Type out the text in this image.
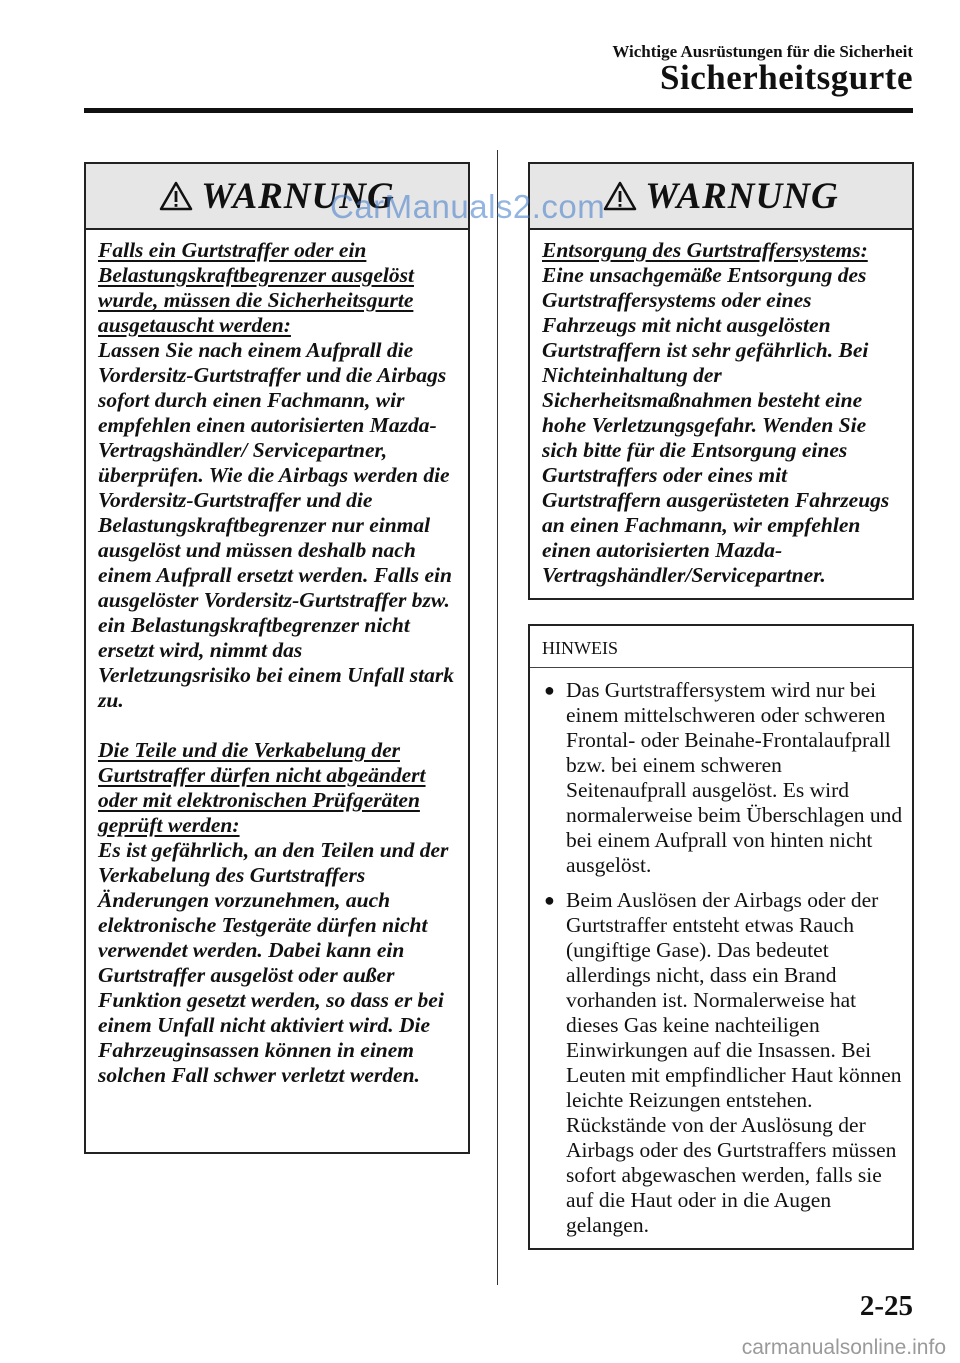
Wichtige Ausrüstungen für die Sicherheit
Sicherheitsgurte
CarManuals2.com
WARNUNG

Falls ein Gurtstraffer oder ein Belastungskraftbegrenzer ausgelöst wurde, müssen die Sicherheitsgurte ausgetauscht werden:

Lassen Sie nach einem Aufprall die Vordersitz-Gurtstraffer und die Airbags sofort durch einen Fachmann, wir empfehlen einen autorisierten Mazda-Vertragshändler/ Servicepartner, überprüfen. Wie die Airbags werden die Vordersitz-Gurtstraffer und die Belastungskraftbegrenzer nur einmal ausgelöst und müssen deshalb nach einem Aufprall ersetzt werden. Falls ein ausgelöster Vordersitz-Gurtstraffer bzw. ein Belastungskraftbegrenzer nicht ersetzt wird, nimmt das Verletzungsrisiko bei einem Unfall stark zu.

Die Teile und die Verkabelung der Gurtstraffer dürfen nicht abgeändert oder mit elektronischen Prüfgeräten geprüft werden:

Es ist gefährlich, an den Teilen und der Verkabelung des Gurtstraffers Änderungen vorzunehmen, auch elektronische Testgeräte dürfen nicht verwendet werden. Dabei kann ein Gurtstraffer ausgelöst oder außer Funktion gesetzt werden, so dass er bei einem Unfall nicht aktiviert wird. Die Fahrzeuginsassen können in einem solchen Fall schwer verletzt werden.

WARNUNG

Entsorgung des Gurtstraffersystems:

Eine unsachgemäße Entsorgung des Gurtstraffersystems oder eines Fahrzeugs mit nicht ausgelösten Gurtstraffern ist sehr gefährlich. Bei Nichteinhaltung der Sicherheitsmaßnahmen besteht eine hohe Verletzungsgefahr. Wenden Sie sich bitte für die Entsorgung eines Gurtstraffers oder eines mit Gurtstraffern ausgerüsteten Fahrzeugs an einen Fachmann, wir empfehlen einen autorisierten Mazda-Vertragshändler/Servicepartner.

HINWEIS
● Das Gurtstraffersystem wird nur bei einem mittelschweren oder schweren Frontal- oder Beinahe-Frontalaufprall bzw. bei einem schweren Seitenaufprall ausgelöst. Es wird normalerweise beim Überschlagen und bei einem Aufprall von hinten nicht ausgelöst.
● Beim Auslösen der Airbags oder der Gurtstraffer entsteht etwas Rauch (ungiftige Gase). Das bedeutet allerdings nicht, dass ein Brand vorhanden ist. Normalerweise hat dieses Gas keine nachteiligen Einwirkungen auf die Insassen. Bei Leuten mit empfindlicher Haut können leichte Reizungen entstehen. Rückstände von der Auslösung der Airbags oder des Gurtstraffers müssen sofort abgewaschen werden, falls sie auf die Haut oder in die Augen gelangen.
2-25
carmanualsonline.info
